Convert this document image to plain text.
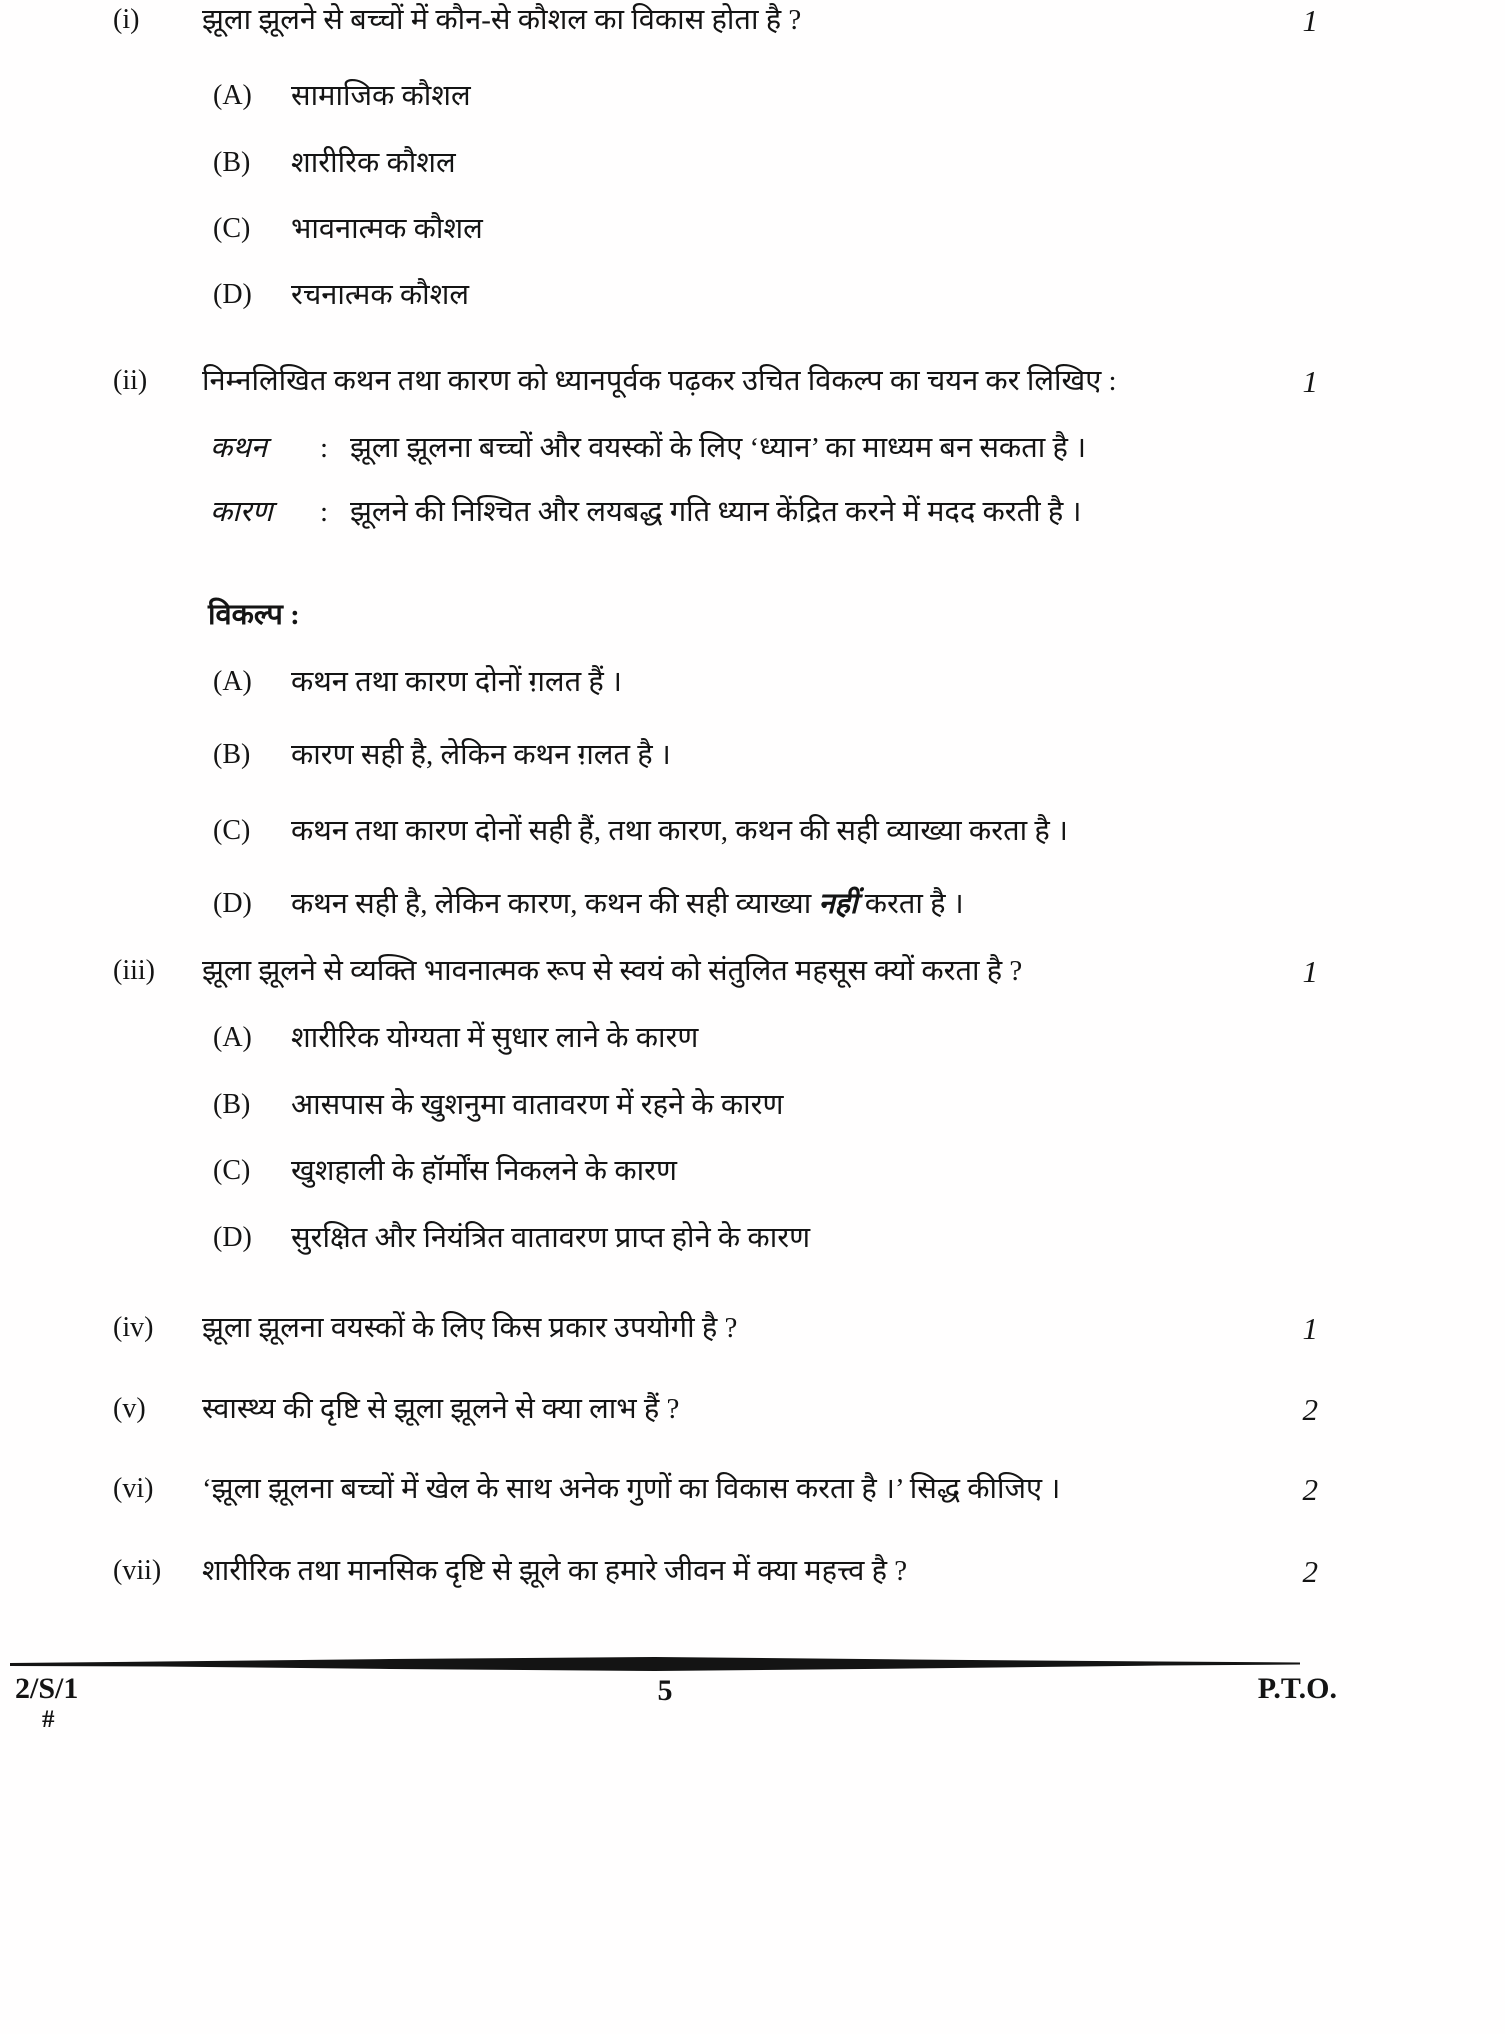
(i) झूला झूलने से बच्चों में कौन-से कौशल का विकास होता है ?	1
(A) सामाजिक कौशल
(B) शारीरिक कौशल
(C) भावनात्मक कौशल
(D) रचनात्मक कौशल
(ii) निम्नलिखित कथन तथा कारण को ध्यानपूर्वक पढ़कर उचित विकल्प का चयन कर लिखिए :	1
कथन : झूला झूलना बच्चों और वयस्कों के लिए ‘ध्यान’ का माध्यम बन सकता है ।
कारण : झूलने की निश्चित और लयबद्ध गति ध्यान केंद्रित करने में मदद करती है ।
विकल्प :
(A) कथन तथा कारण दोनों ग़लत हैं ।
(B) कारण सही है, लेकिन कथन ग़लत है ।
(C) कथन तथा कारण दोनों सही हैं, तथा कारण, कथन की सही व्याख्या करता है ।
(D) कथन सही है, लेकिन कारण, कथन की सही व्याख्या नहीं करता है ।
(iii) झूला झूलने से व्यक्ति भावनात्मक रूप से स्वयं को संतुलित महसूस क्यों करता है ?	1
(A) शारीरिक योग्यता में सुधार लाने के कारण
(B) आसपास के खुशनुमा वातावरण में रहने के कारण
(C) खुशहाली के हॉर्मोंस निकलने के कारण
(D) सुरक्षित और नियंत्रित वातावरण प्राप्त होने के कारण
(iv) झूला झूलना वयस्कों के लिए किस प्रकार उपयोगी है ?	1
(v) स्वास्थ्य की दृष्टि से झूला झूलने से क्या लाभ हैं ?	2
(vi) ‘झूला झूलना बच्चों में खेल के साथ अनेक गुणों का विकास करता है ।’ सिद्ध कीजिए ।	2
(vii) शारीरिक तथा मानसिक दृष्टि से झूले का हमारे जीवन में क्या महत्त्व है ?	2
2/S/1	5	P.T.O.
#
